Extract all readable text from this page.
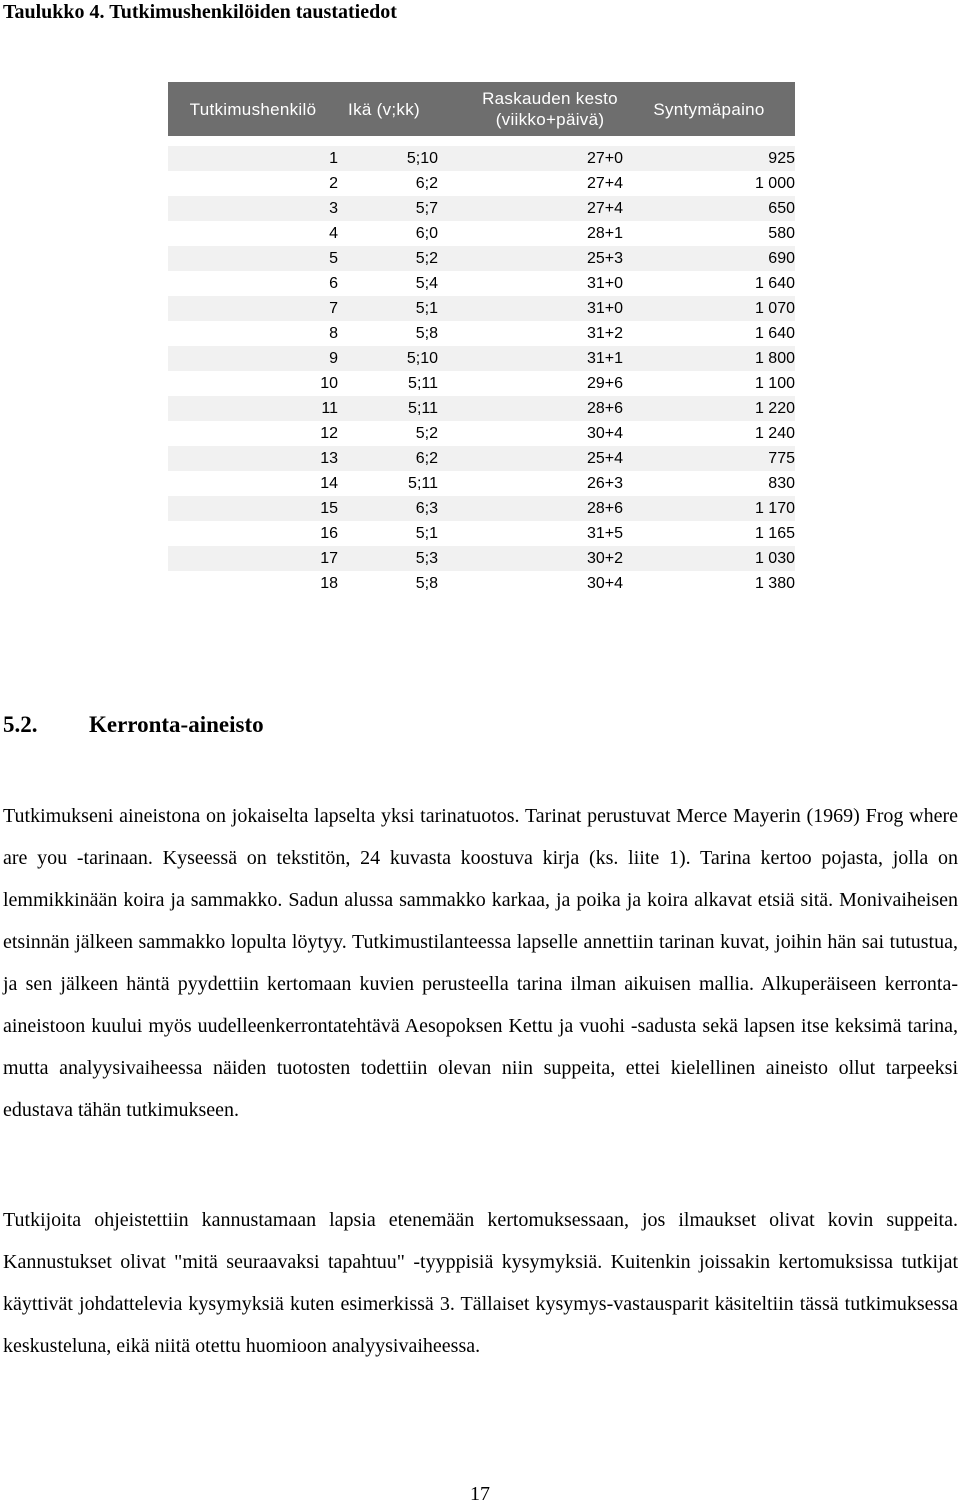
Taulukko 4. Tutkimushenkilöiden taustatiedot
Tutkimushenkilö	Ikä (v;kk)	Raskauden kesto (viikko+päivä)	Syntymäpaino

1	5;10	27+0	925
2	6;2	27+4	1 000
3	5;7	27+4	650
4	6;0	28+1	580
5	5;2	25+3	690
6	5;4	31+0	1 640
7	5;1	31+0	1 070
8	5;8	31+2	1 640
9	5;10	31+1	1 800
10	5;11	29+6	1 100
11	5;11	28+6	1 220
12	5;2	30+4	1 240
13	6;2	25+4	775
14	5;11	26+3	830
15	6;3	28+6	1 170
16	5;1	31+5	1 165
17	5;3	30+2	1 030
18	5;8	30+4	1 380
5.2. Kerronta-aineisto

Tutkimukseni aineistona on jokaiselta lapselta yksi tarinatuotos. Tarinat perustuvat Merce Mayerin (1969) Frog where are you -tarinaan. Kyseessä on tekstitön, 24 kuvasta koostuva kirja (ks. liite 1). Tarina kertoo pojasta, jolla on lemmikkinään koira ja sammakko. Sadun alussa sammakko karkaa, ja poika ja koira alkavat etsiä sitä. Monivaiheisen etsinnän jälkeen sammakko lopulta löytyy. Tutkimustilanteessa lapselle annettiin tarinan kuvat, joihin hän sai tutustua, ja sen jälkeen häntä pyydettiin kertomaan kuvien perusteella tarina ilman aikuisen mallia. Alkuperäiseen kerronta-aineistoon kuului myös uudelleenkerrontatehtävä Aesopoksen Kettu ja vuohi -sadusta sekä lapsen itse keksimä tarina, mutta analyysivaiheessa näiden tuotosten todettiin olevan niin suppeita, ettei kielellinen aineisto ollut tarpeeksi edustava tähän tutkimukseen.

Tutkijoita ohjeistettiin kannustamaan lapsia etenemään kertomuksessaan, jos ilmaukset olivat kovin suppeita. Kannustukset olivat "mitä seuraavaksi tapahtuu" -tyyppisiä kysymyksiä. Kuitenkin joissakin kertomuksissa tutkijat käyttivät johdattelevia kysymyksiä kuten esimerkissä 3. Tällaiset kysymys-vastausparit käsiteltiin tässä tutkimuksessa keskusteluna, eikä niitä otettu huomioon analyysivaiheessa.

17
